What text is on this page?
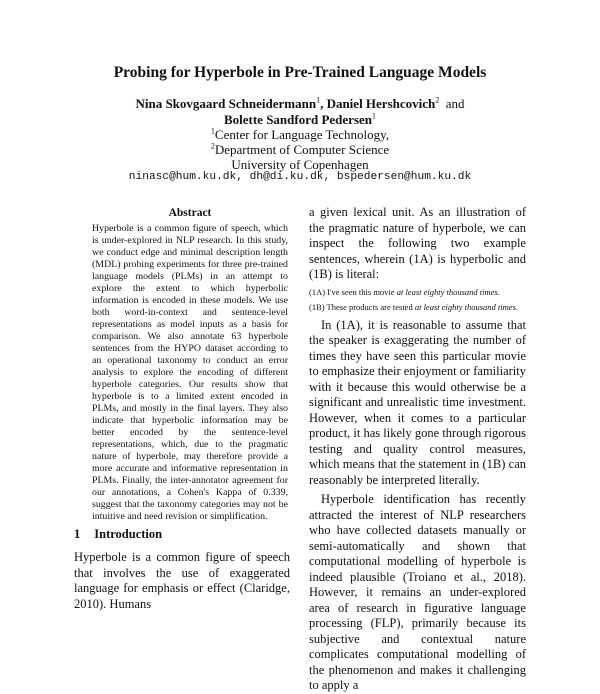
Probing for Hyperbole in Pre-Trained Language Models
Nina Skovgaard Schneidermann$^1$, Daniel Hershcovich$^2$ and
Bolette Sandford Pedersen$^1$
$^1$Center for Language Technology,
$^2$Department of Computer Science
University of Copenhagen
ninasc@hum.ku.dk, dh@di.ku.dk, bspedersen@hum.ku.dk
Abstract
Hyperbole is a common figure of speech, which is under-explored in NLP research. In this study, we conduct edge and minimal description length (MDL) probing experiments for three pre-trained language models (PLMs) in an attempt to explore the extent to which hyperbolic information is encoded in these models. We use both word-in-context and sentence-level representations as model inputs as a basis for comparison. We also annotate 63 hyperbole sentences from the HYPO dataset according to an operational taxonomy to conduct an error analysis to explore the encoding of different hyperbole categories. Our results show that hyperbole is to a limited extent encoded in PLMs, and mostly in the final layers. They also indicate that hyperbolic information may be better encoded by the sentence-level representations, which, due to the pragmatic nature of hyperbole, may therefore provide a more accurate and informative representation in PLMs. Finally, the inter-annotator agreement for our annotations, a Cohen's Kappa of 0.339, suggest that the taxonomy categories may not be intuitive and need revision or simplification.
1 Introduction
Hyperbole is a common figure of speech that involves the use of exaggerated language for emphasis or effect (Claridge, 2010). Humans

a given lexical unit. As an illustration of the pragmatic nature of hyperbole, we can inspect the following two example sentences, wherein (1A) is hyperbolic and (1B) is literal:

(1A) I've seen this movie at least eighty thousand times.
(1B) These products are tested at least eighty thousand times.

In (1A), it is reasonable to assume that the speaker is exaggerating the number of times they have seen this particular movie to emphasize their enjoyment or familiarity with it because this would otherwise be a significant and unrealistic time investment. However, when it comes to a particular product, it has likely gone through rigorous testing and quality control measures, which means that the statement in (1B) can reasonably be interpreted literally.

Hyperbole identification has recently attracted the interest of NLP researchers who have collected datasets manually or semi-automatically and shown that computational modelling of hyperbole is indeed plausible (Troiano et al., 2018). However, it remains an under-explored area of research in figurative language processing (FLP), primarily because its subjective and contextual nature complicates computational modelling of the phenomenon and makes it challenging to apply a
